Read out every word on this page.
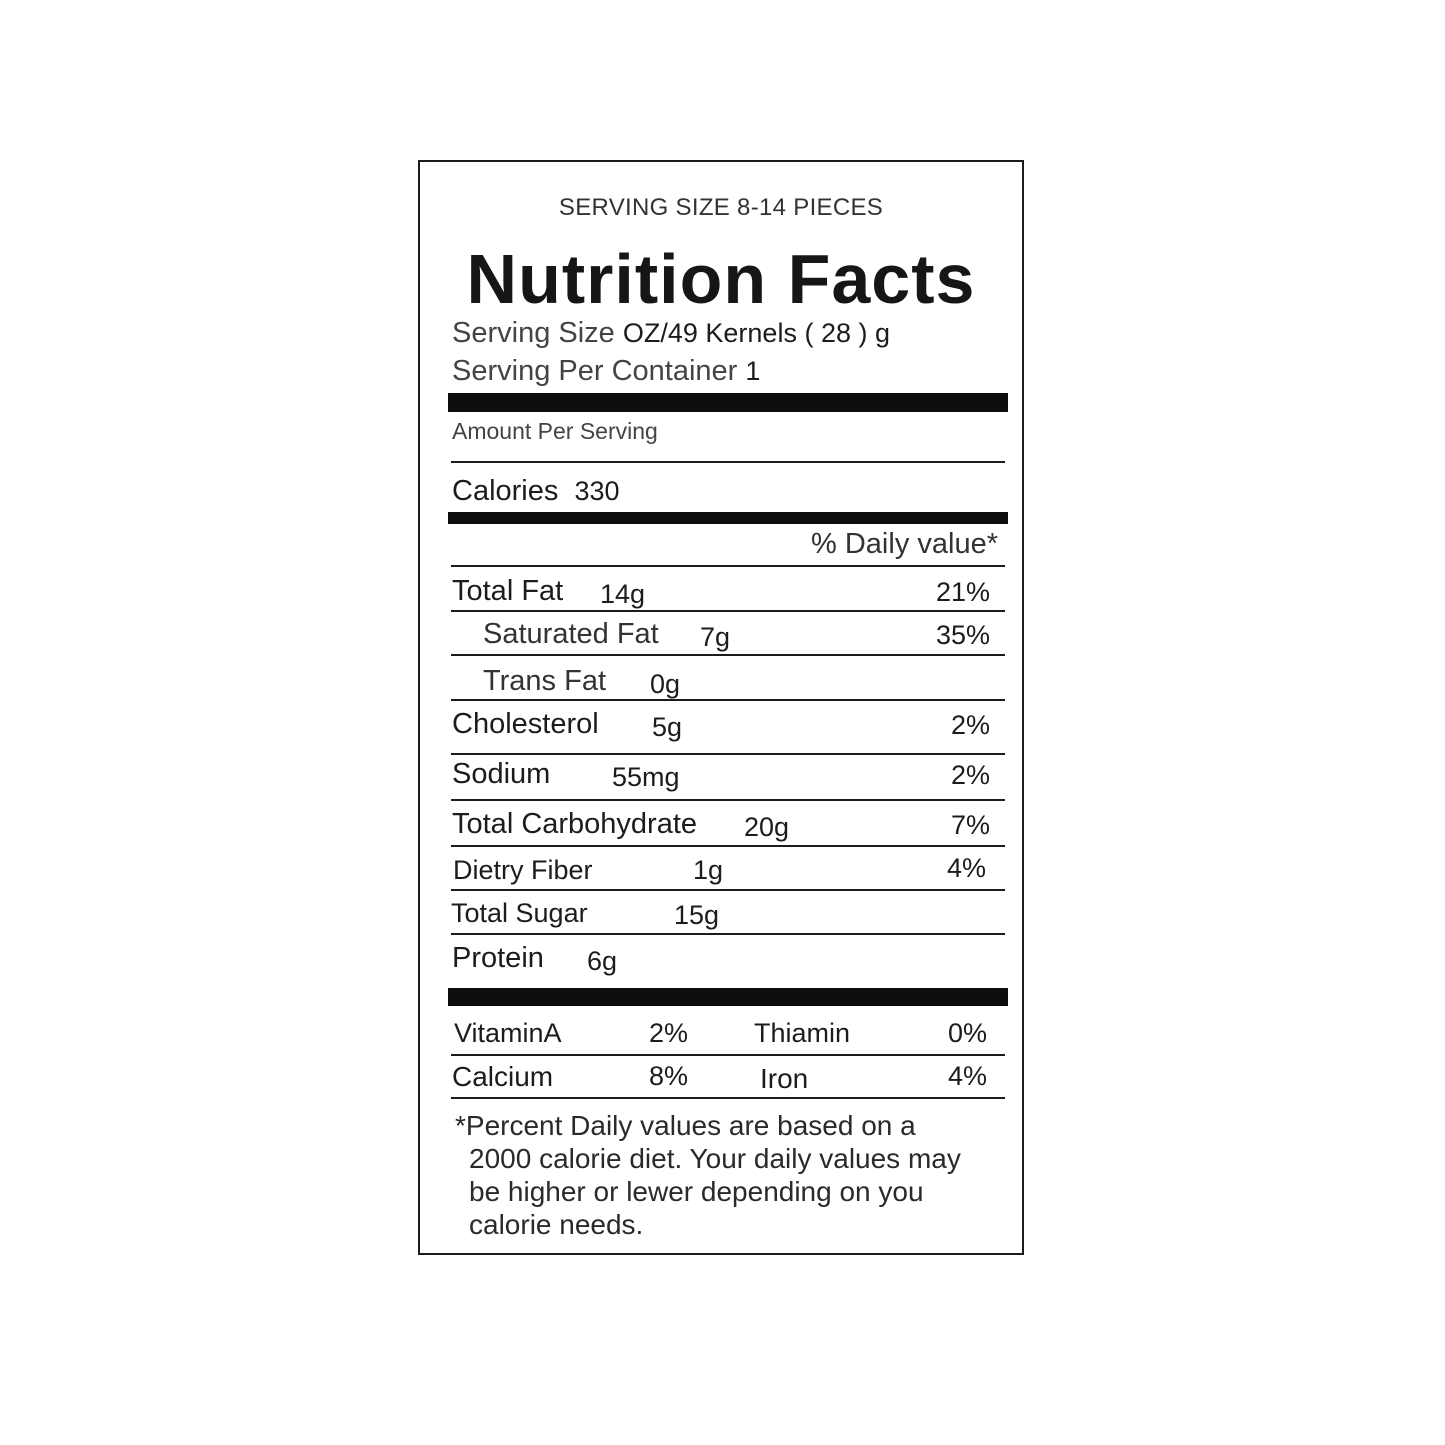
SERVING SIZE 8-14 PIECES
Nutrition Facts
Serving Size OZ/49 Kernels ( 28 ) g
Serving Per Container 1
Amount Per Serving
Calories 330
% Daily value*
Total Fat 14g	21%
Saturated Fat 7g	35%
Trans Fat 0g
Cholesterol 5g	2%
Sodium 55mg	2%
Total Carbohydrate 20g	7%
Dietry Fiber	1g	4%
Total Sugar	15g
Protein 6g
VitaminA	2% Thiamin	0%
Calcium	8%	Iron	4%
*Percent Daily values are based on a
2000 calorie diet. Your daily values may
be higher or lewer depending on you
calorie needs.
